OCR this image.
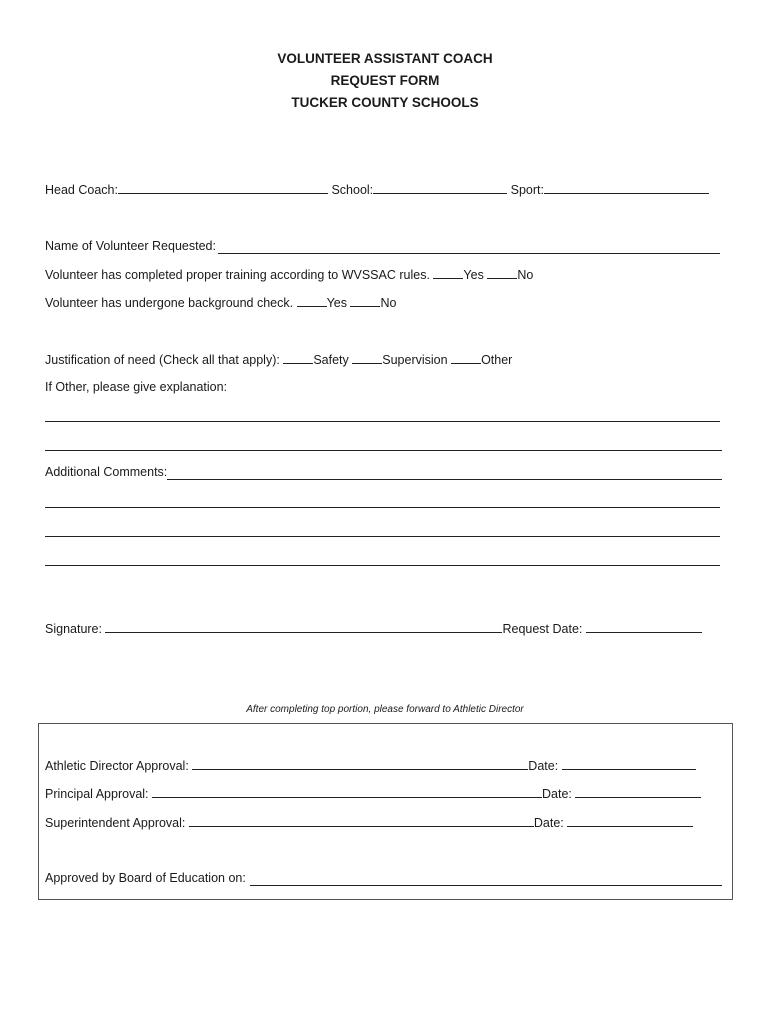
VOLUNTEER ASSISTANT COACH
REQUEST FORM
TUCKER COUNTY SCHOOLS
Head Coach:	School:	Sport:
Name of Volunteer Requested:
Volunteer has completed proper training according to WVSSAC rules.	Yes	No
Volunteer has undergone background check.	Yes	No
Justification of need (Check all that apply):	Safety	Supervision	Other
If Other, please give explanation:
Additional Comments:
Signature:	Request Date:
After completing top portion, please forward to Athletic Director
Athletic Director Approval:	Date:
Principal Approval:	Date:
Superintendent Approval:	Date:
Approved by Board of Education on:
